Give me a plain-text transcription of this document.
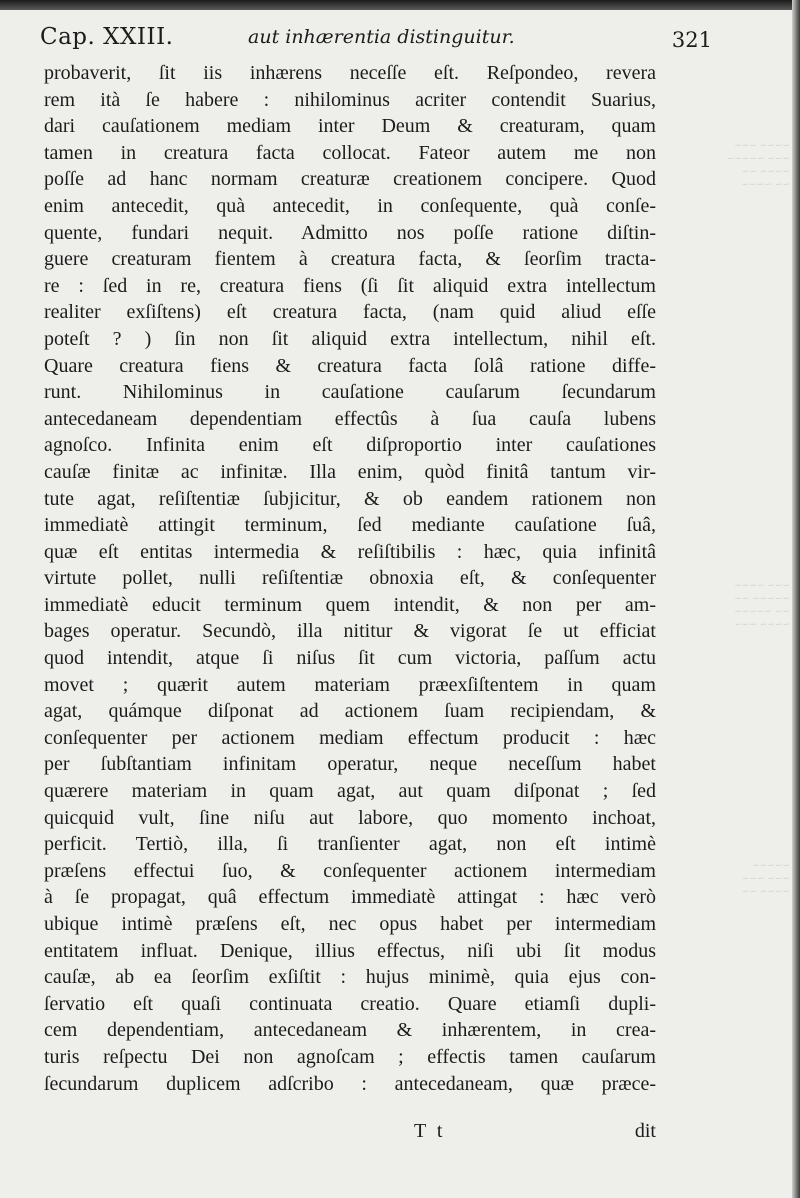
~~~~ ~~~
~~~ ~~~~~
~~~~ ~~
~~ ~~~~
~~~ ~~~~
~~~~~ ~~
~~ ~~~~~
~~~~ ~~~
~~~~~
~~~ ~~~
~~~~ ~~
Cap. XXIII.	aut inhærentia distinguitur.	321
probaverit, ſit iis inhærens neceſſe eſt. Reſpondeo, revera
rem ità ſe habere : nihilominus acriter contendit Suarius,
dari cauſationem mediam inter Deum & creaturam, quam
tamen in creatura facta collocat. Fateor autem me non
poſſe ad hanc normam creaturæ creationem concipere. Quod
enim antecedit, quà antecedit, in conſequente, quà conſe-
quente, fundari nequit. Admitto nos poſſe ratione diſtin-
guere creaturam fientem à creatura facta, & ſeorſim tracta-
re : ſed in re, creatura fiens (ſi ſit aliquid extra intellectum
realiter exſiſtens) eſt creatura facta, (nam quid aliud eſſe
poteſt ? ) ſin non ſit aliquid extra intellectum, nihil eſt.
Quare creatura fiens & creatura facta ſolâ ratione diffe-
runt. Nihilominus in cauſatione cauſarum ſecundarum
antecedaneam dependentiam effectûs à ſua cauſa lubens
agnoſco. Infinita enim eſt diſproportio inter cauſationes
cauſæ finitæ ac infinitæ. Illa enim, quòd finitâ tantum vir-
tute agat, reſiſtentiæ ſubjicitur, & ob eandem rationem non
immediatè attingit terminum, ſed mediante cauſatione ſuâ,
quæ eſt entitas intermedia & reſiſtibilis : hæc, quia infinitâ
virtute pollet, nulli reſiſtentiæ obnoxia eſt, & conſequenter
immediatè educit terminum quem intendit, & non per am-
bages operatur. Secundò, illa nititur & vigorat ſe ut efficiat
quod intendit, atque ſi niſus ſit cum victoria, paſſum actu
movet ; quærit autem materiam præexſiſtentem in quam
agat, quámque diſponat ad actionem ſuam recipiendam, &
conſequenter per actionem mediam effectum producit : hæc
per ſubſtantiam infinitam operatur, neque neceſſum habet
quærere materiam in quam agat, aut quam diſponat ; ſed
quicquid vult, ſine niſu aut labore, quo momento inchoat,
perficit. Tertiò, illa, ſi tranſienter agat, non eſt intimè
præſens effectui ſuo, & conſequenter actionem intermediam
à ſe propagat, quâ effectum immediatè attingat : hæc verò
ubique intimè præſens eſt, nec opus habet per intermediam
entitatem influat. Denique, illius effectus, niſi ubi ſit modus
cauſæ, ab ea ſeorſim exſiſtit : hujus minimè, quia ejus con-
ſervatio eſt quaſi continuata creatio. Quare etiamſi dupli-
cem dependentiam, antecedaneam & inhærentem, in crea-
turis reſpectu Dei non agnoſcam ; effectis tamen cauſarum
ſecundarum duplicem adſcribo : antecedaneam, quæ præce-
T t	dit
